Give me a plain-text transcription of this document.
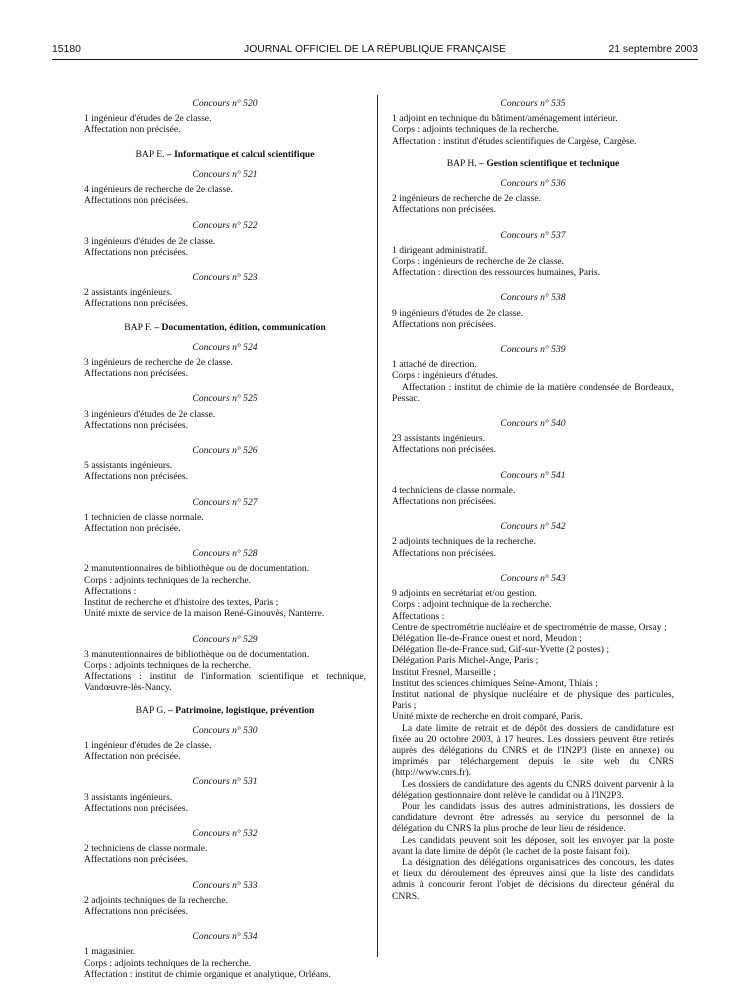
15180	JOURNAL OFFICIEL DE LA RÉPUBLIQUE FRANÇAISE	21 septembre 2003

Concours n° 520

1 ingénieur d'études de 2e classe.

Affectation non précisée.

BAP E. – Informatique et calcul scientifique

Concours n° 521

4 ingénieurs de recherche de 2e classe.

Affectations non précisées.

Concours n° 522

3 ingénieurs d'études de 2e classe.

Affectations non précisées.

Concours n° 523

2 assistants ingénieurs.

Affectations non précisées.

BAP F. – Documentation, édition, communication

Concours n° 524

3 ingénieurs de recherche de 2e classe.

Affectations non précisées.

Concours n° 525

3 ingénieurs d'études de 2e classe.

Affectations non précisées.

Concours n° 526

5 assistants ingénieurs.

Affectations non précisées.

Concours n° 527

1 technicien de classe normale.

Affectation non précisée.

Concours n° 528

2 manutentionnaires de bibliothèque ou de documentation.

Corps : adjoints techniques de la recherche.

Affectations :

Institut de recherche et d'histoire des textes, Paris ;

Unité mixte de service de la maison René-Ginouvès, Nanterre.

Concours n° 529

3 manutentionnaires de bibliothèque ou de documentation.

Corps : adjoints techniques de la recherche.

Affectations : institut de l'information scientifique et technique, Vandœuvre-lès-Nancy.

BAP G. – Patrimoine, logistique, prévention

Concours n° 530

1 ingénieur d'études de 2e classe.

Affectation non précisée.

Concours n° 531

3 assistants ingénieurs.

Affectations non précisées.

Concours n° 532

2 techniciens de classe normale.

Affectations non précisées.

Concours n° 533

2 adjoints techniques de la recherche.

Affectations non précisées.

Concours n° 534

1 magasinier.

Corps : adjoints techniques de la recherche.

Affectation : institut de chimie organique et analytique, Orléans.

Concours n° 535

1 adjoint en technique du bâtiment/aménagement intérieur.

Corps : adjoints techniques de la recherche.

Affectation : institut d'études scientifiques de Cargèse, Cargèse.

BAP H. – Gestion scientifique et technique

Concours n° 536

2 ingénieurs de recherche de 2e classe.

Affectations non précisées.

Concours n° 537

1 dirigeant administratif.

Corps : ingénieurs de recherche de 2e classe.

Affectation : direction des ressources humaines, Paris.

Concours n° 538

9 ingénieurs d'études de 2e classe.

Affectations non précisées.

Concours n° 539

1 attaché de direction.

Corps : ingénieurs d'études.

Affectation : institut de chimie de la matière condensée de Bordeaux, Pessac.

Concours n° 540

23 assistants ingénieurs.

Affectations non précisées.

Concours n° 541

4 techniciens de classe normale.

Affectations non précisées.

Concours n° 542

2 adjoints techniques de la recherche.

Affectations non précisées.

Concours n° 543

9 adjoints en secrétariat et/ou gestion.

Corps : adjoint technique de la recherche.

Affectations :

Centre de spectrométrie nucléaire et de spectrométrie de masse, Orsay ;

Délégation Ile-de-France ouest et nord, Meudon ;

Délégation Ile-de-France sud, Gif-sur-Yvette (2 postes) ;

Délégation Paris Michel-Ange, Paris ;

Institut Fresnel, Marseille ;

Institut des sciences chimiques Seine-Amont, Thiais ;

Institut national de physique nucléaire et de physique des particules, Paris ;

Unité mixte de recherche en droit comparé, Paris.

La date limite de retrait et de dépôt des dossiers de candidature est fixée au 20 octobre 2003, à 17 heures. Les dossiers peuvent être retirés auprès des délégations du CNRS et de l'IN2P3 (liste en annexe) ou imprimés par téléchargement depuis le site web du CNRS (http://www.cnrs.fr).

Les dossiers de candidature des agents du CNRS doivent parvenir à la délégation gestionnaire dont relève le candidat ou à l'IN2P3.

Pour les candidats issus des autres administrations, les dossiers de candidature devront être adressés au service du personnel de la délégation du CNRS la plus proche de leur lieu de résidence.

Les candidats peuvent soit les déposer, soit les envoyer par la poste avant la date limite de dépôt (le cachet de la poste faisant foi).

La désignation des délégations organisatrices des concours, les dates et lieux du déroulement des épreuves ainsi que la liste des candidats admis à concourir feront l'objet de décisions du directeur général du CNRS.
